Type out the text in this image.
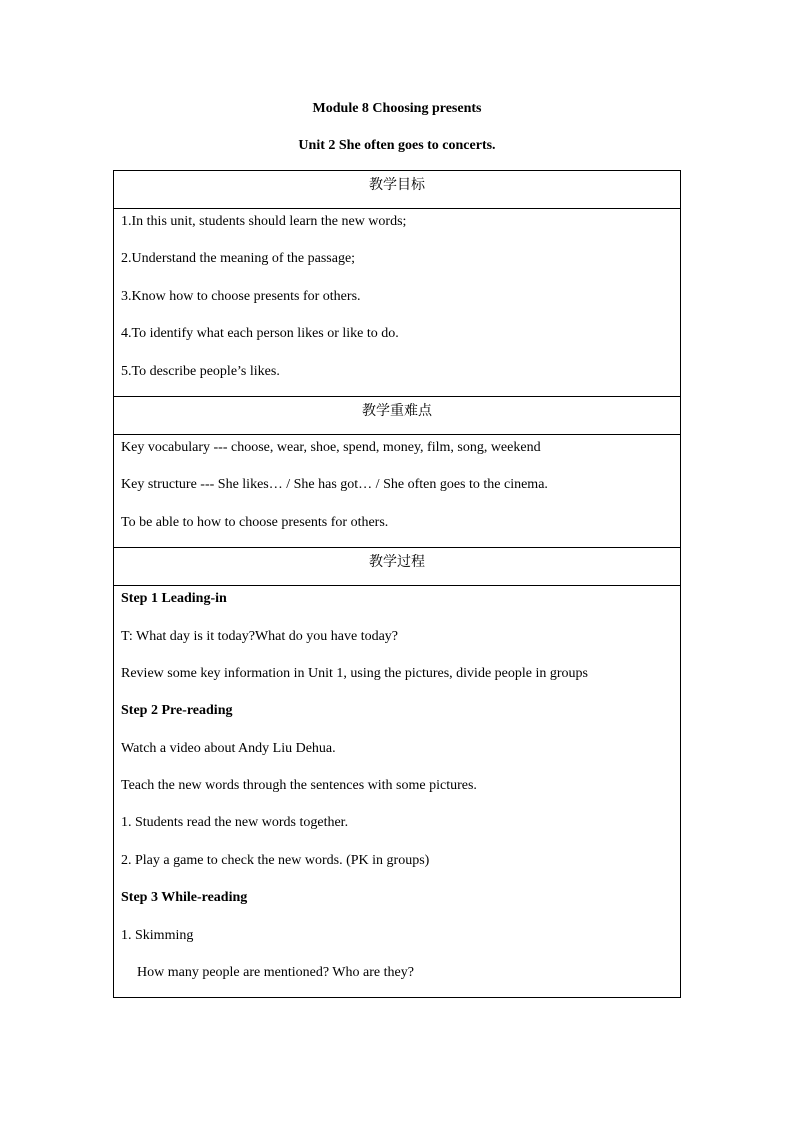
Module 8 Choosing presents
Unit 2 She often goes to concerts.
教学目标

1.In this unit, students should learn the new words;
2.Understand the meaning of the passage;
3.Know how to choose presents for others.
4.To identify what each person likes or like to do.
5.To describe people’s likes.

教学重难点

Key vocabulary --- choose, wear, shoe, spend, money, film, song, weekend
Key structure --- She likes… / She has got… / She often goes to the cinema.
To be able to how to choose presents for others.

教学过程

Step 1 Leading-in
T: What day is it today?What do you have today?
Review some key information in Unit 1, using the pictures, divide people in groups
Step 2 Pre-reading
Watch a video about Andy Liu Dehua.
Teach the new words through the sentences with some pictures.
1. Students read the new words together.
2. Play a game to check the new words. (PK in groups)
Step 3 While-reading
1. Skimming
How many people are mentioned? Who are they?
